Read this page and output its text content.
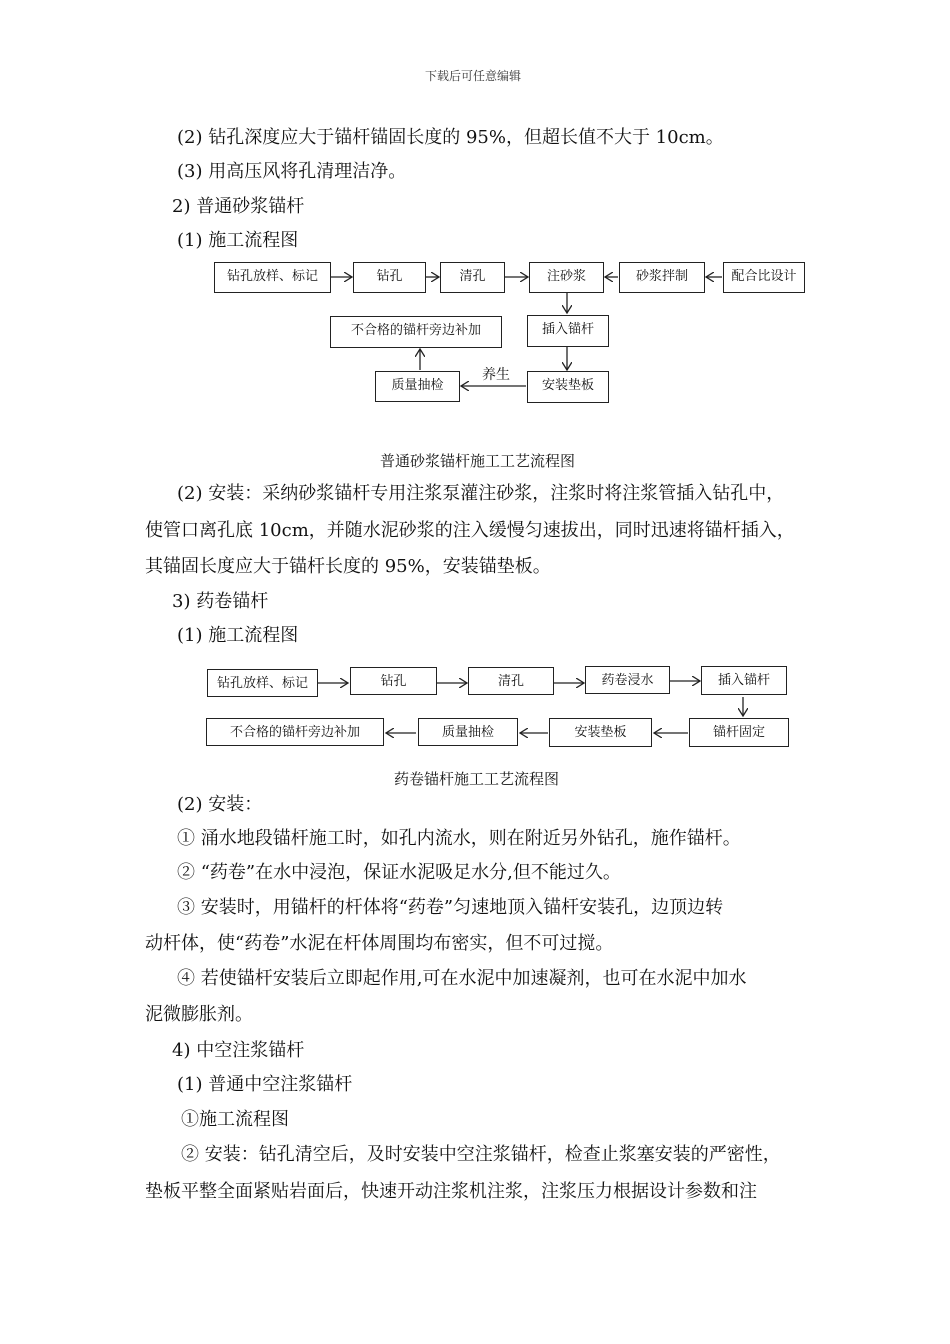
下载后可任意编辑
(2) 钻孔深度应大于锚杆锚固长度的 95%，但超长值不大于 10cm。
(3) 用高压风将孔清理洁净。
2) 普通砂浆锚杆
(1) 施工流程图
钻孔放样、标记	钻孔	清孔	注砂浆	砂浆拌制	配合比设计
插入锚杆
不合格的锚杆旁边补加
质量抽检	安装垫板
养生
普通砂浆锚杆施工工艺流程图
(2) 安装：采纳砂浆锚杆专用注浆泵灌注砂浆，注浆时将注浆管插入钻孔中，
使管口离孔底 10cm，并随水泥砂浆的注入缓慢匀速拔出，同时迅速将锚杆插入，
其锚固长度应大于锚杆长度的 95%，安装锚垫板。
3) 药卷锚杆
(1) 施工流程图
钻孔放样、标记	钻孔	清孔	药卷浸水	插入锚杆
锚杆固定
安装垫板
质量抽检
不合格的锚杆旁边补加
药卷锚杆施工工艺流程图
(2) 安装：
① 涌水地段锚杆施工时，如孔内流水，则在附近另外钻孔，施作锚杆。
② “药卷”在水中浸泡，保证水泥吸足水分,但不能过久。
③ 安装时，用锚杆的杆体将“药卷”匀速地顶入锚杆安装孔，边顶边转
动杆体，使“药卷”水泥在杆体周围均布密实，但不可过搅。
④ 若使锚杆安装后立即起作用,可在水泥中加速凝剂，也可在水泥中加水
泥微膨胀剂。
4) 中空注浆锚杆
(1) 普通中空注浆锚杆
①施工流程图
② 安装：钻孔清空后，及时安装中空注浆锚杆，检查止浆塞安装的严密性，
垫板平整全面紧贴岩面后，快速开动注浆机注浆，注浆压力根据设计参数和注
